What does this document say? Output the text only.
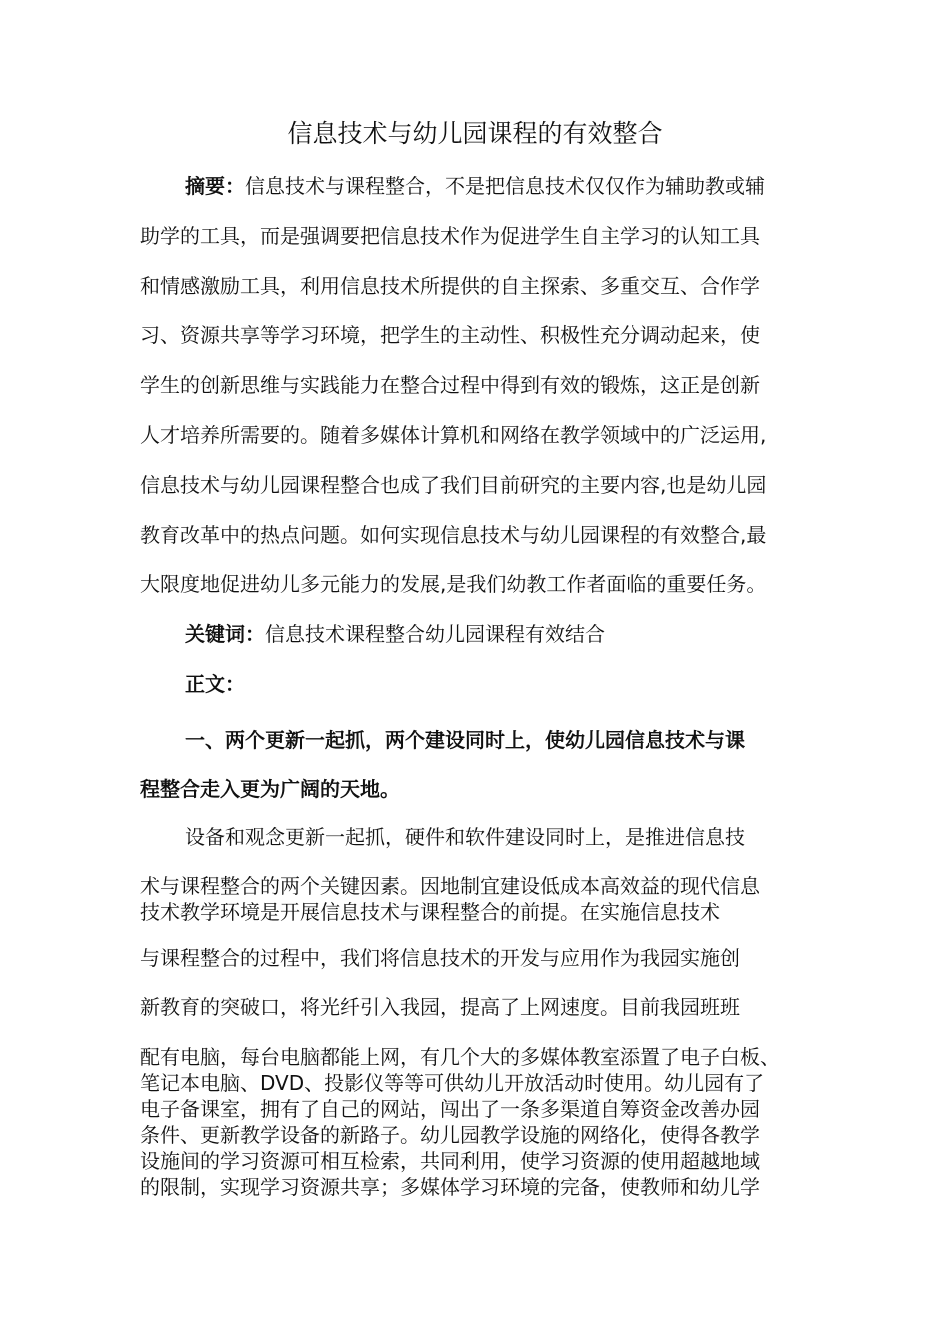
信息技术与幼儿园课程的有效整合
摘要：信息技术与课程整合，不是把信息技术仅仅作为辅助教或辅
助学的工具，而是强调要把信息技术作为促进学生自主学习的认知工具
和情感激励工具，利用信息技术所提供的自主探索、多重交互、合作学
习、资源共享等学习环境，把学生的主动性、积极性充分调动起来，使
学生的创新思维与实践能力在整合过程中得到有效的锻炼，这正是创新
人才培养所需要的。随着多媒体计算机和网络在教学领域中的广泛运用,
信息技术与幼儿园课程整合也成了我们目前研究的主要内容,也是幼儿园
教育改革中的热点问题。如何实现信息技术与幼儿园课程的有效整合,最
大限度地促进幼儿多元能力的发展,是我们幼教工作者面临的重要任务。
关键词：信息技术课程整合幼儿园课程有效结合
正文：
一、两个更新一起抓，两个建设同时上，使幼儿园信息技术与课
程整合走入更为广阔的天地。
设备和观念更新一起抓，硬件和软件建设同时上，是推进信息技
术与课程整合的两个关键因素。因地制宜建设低成本高效益的现代信息
技术教学环境是开展信息技术与课程整合的前提。在实施信息技术
与课程整合的过程中，我们将信息技术的开发与应用作为我园实施创
新教育的突破口，将光纤引入我园，提高了上网速度。目前我园班班
配有电脑，每台电脑都能上网，有几个大的多媒体教室添置了电子白板、
笔记本电脑、DVD、投影仪等等可供幼儿开放活动时使用。幼儿园有了
电子备课室，拥有了自己的网站，闯出了一条多渠道自筹资金改善办园
条件、更新教学设备的新路子。幼儿园教学设施的网络化，使得各教学
设施间的学习资源可相互检索，共同利用，使学习资源的使用超越地域
的限制，实现学习资源共享；多媒体学习环境的完备，使教师和幼儿学
